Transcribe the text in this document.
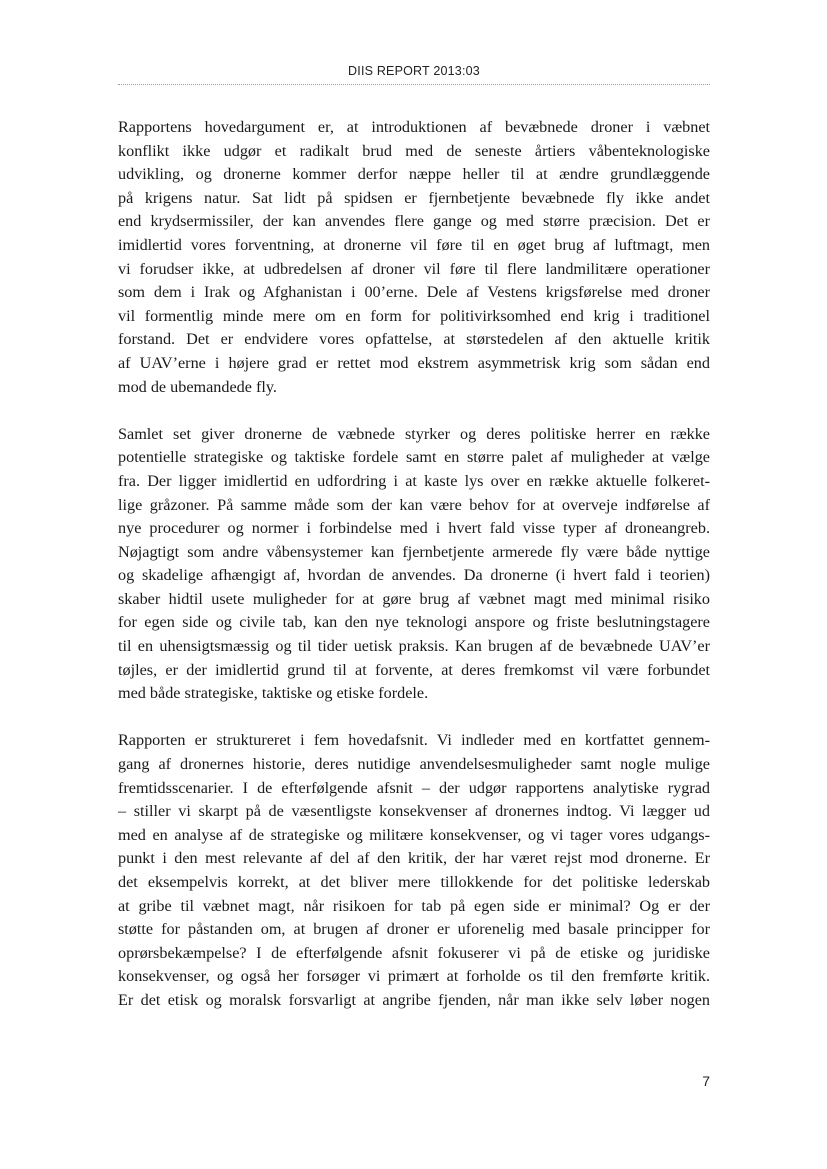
DIIS REPORT 2013:03

Rapportens hovedargument er, at introduktionen af bevæbnede droner i væbnet
konflikt ikke udgør et radikalt brud med de seneste årtiers våbenteknologiske
udvikling, og dronerne kommer derfor næppe heller til at ændre grundlæggende
på krigens natur. Sat lidt på spidsen er fjernbetjente bevæbnede fly ikke andet
end krydsermissiler, der kan anvendes flere gange og med større præcision. Det er
imidlertid vores forventning, at dronerne vil føre til en øget brug af luftmagt, men
vi forudser ikke, at udbredelsen af droner vil føre til flere landmilitære operationer
som dem i Irak og Afghanistan i 00’erne. Dele af Vestens krigsførelse med droner
vil formentlig minde mere om en form for politivirksomhed end krig i traditionel
forstand. Det er endvidere vores opfattelse, at størstedelen af den aktuelle kritik
af UAV’erne i højere grad er rettet mod ekstrem asymmetrisk krig som sådan end
mod de ubemandede fly.

Samlet set giver dronerne de væbnede styrker og deres politiske herrer en række
potentielle strategiske og taktiske fordele samt en større palet af muligheder at vælge
fra. Der ligger imidlertid en udfordring i at kaste lys over en række aktuelle folkeret-
lige gråzoner. På samme måde som der kan være behov for at overveje indførelse af
nye procedurer og normer i forbindelse med i hvert fald visse typer af droneangreb.
Nøjagtigt som andre våbensystemer kan fjernbetjente armerede fly være både nyttige
og skadelige afhængigt af, hvordan de anvendes. Da dronerne (i hvert fald i teorien)
skaber hidtil usete muligheder for at gøre brug af væbnet magt med minimal risiko
for egen side og civile tab, kan den nye teknologi anspore og friste beslutningstagere
til en uhensigtsmæssig og til tider uetisk praksis. Kan brugen af de bevæbnede UAV’er
tøjles, er der imidlertid grund til at forvente, at deres fremkomst vil være forbundet
med både strategiske, taktiske og etiske fordele.

Rapporten er struktureret i fem hovedafsnit. Vi indleder med en kortfattet gennem-
gang af dronernes historie, deres nutidige anvendelsesmuligheder samt nogle mulige
fremtidsscenarier. I de efterfølgende afsnit – der udgør rapportens analytiske rygrad
– stiller vi skarpt på de væsentligste konsekvenser af dronernes indtog. Vi lægger ud
med en analyse af de strategiske og militære konsekvenser, og vi tager vores udgangs-
punkt i den mest relevante af del af den kritik, der har været rejst mod dronerne. Er
det eksempelvis korrekt, at det bliver mere tillokkende for det politiske lederskab
at gribe til væbnet magt, når risikoen for tab på egen side er minimal? Og er der
støtte for påstanden om, at brugen af droner er uforenelig med basale principper for
oprørsbekæmpelse? I de efterfølgende afsnit fokuserer vi på de etiske og juridiske
konsekvenser, og også her forsøger vi primært at forholde os til den fremførte kritik.
Er det etisk og moralsk forsvarligt at angribe fjenden, når man ikke selv løber nogen

7
